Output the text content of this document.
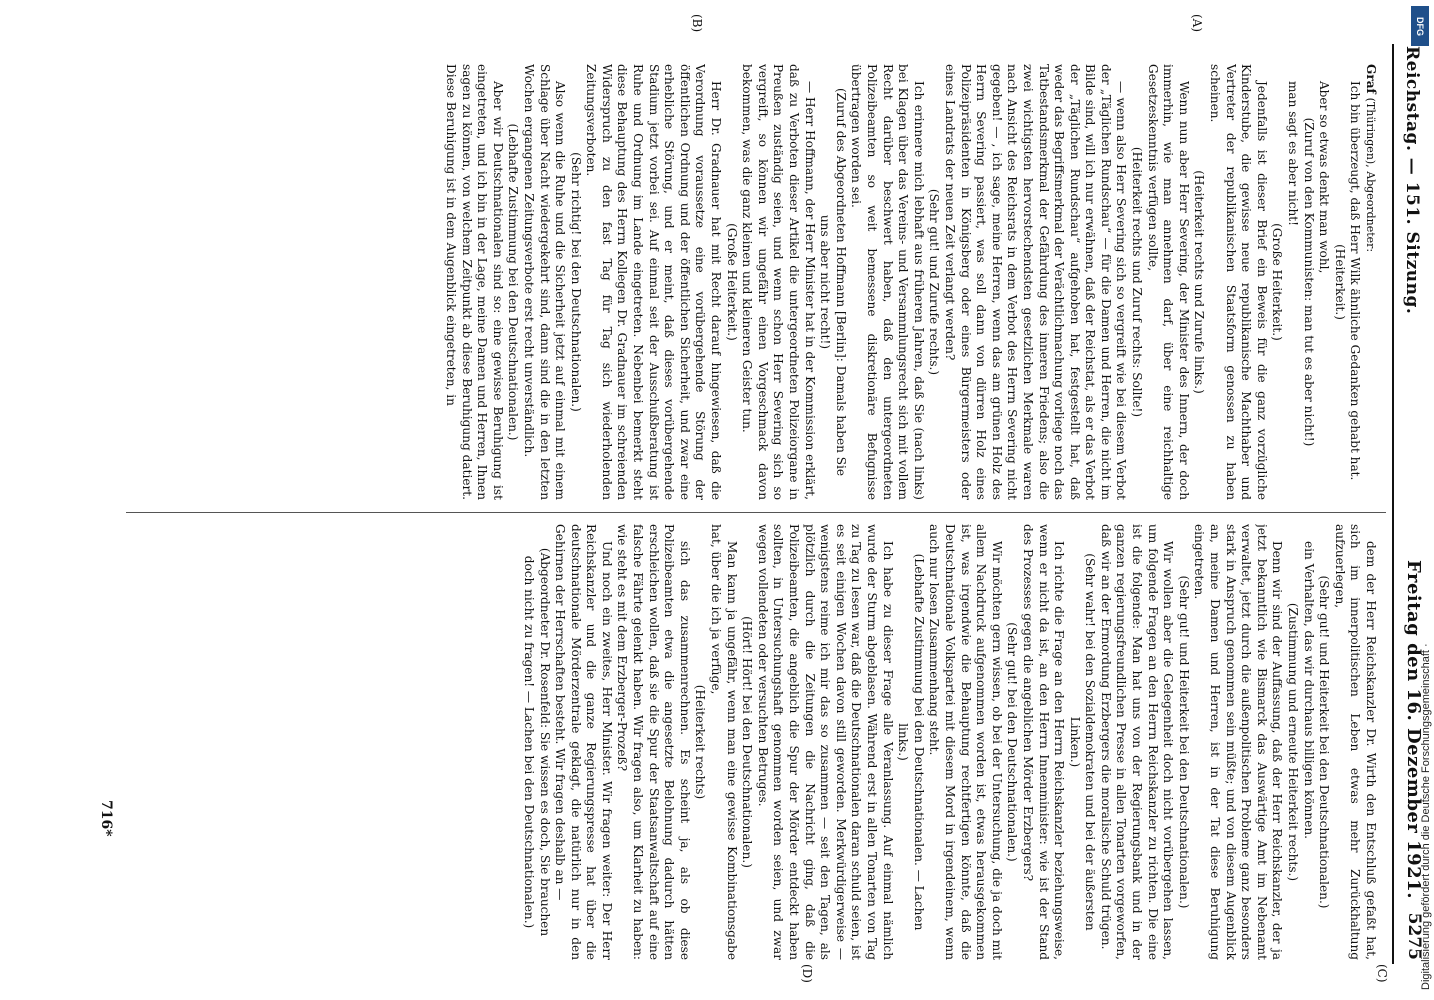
Reichstag. — 151. Sitzung.
Freitag den 16. Dezember 1921.
5275

Graf (Thüringen), Abgeordneter:

Ich bin überzeugt, daß Herr Wilk ähnliche Gedanken gehabt hat.

(Heiterkeit.)

Aber so etwas denkt man wohl,

(Zuruf von den Kommunisten: man tut es aber nicht!)

man sagt es aber nicht!

(Große Heiterkeit.)

Jedenfalls ist dieser Brief ein Beweis für die ganz vorzügliche Kinderstube, die gewisse neue republikanische Machthaber und Vertreter der republikanischen Staatsform genossen zu haben scheinen.

(Heiterkeit rechts und Zurufe links.)

Wenn nun aber Herr Severing, der Minister des Innern, der doch immerhin, wie man annehmen darf, über eine reichhaltige Gesetzeskenntnis verfügen sollte,

(Heiterkeit rechts und Zuruf rechts: Sollte!)

— wenn also Herr Severing sich so vergreift wie bei diesem Verbot der „Täglichen Rundschau“ — für die Damen und Herren, die nicht im Bilde sind, will ich nur erwähnen, daß der Reichstat, als er das Verbot der „Täglichen Rundschau“ aufgehoben hat, festgestellt hat, daß weder das Begriffsmerkmal der Verächtlichmachung vorliege noch das Tatbestandsmerkmal der Gefährdung des inneren Friedens; also die zwei wichtigsten hervorstechendsten gesetzlichen Merkmale waren nach Ansicht des Reichsrats in dem Verbot des Herrn Severing nicht gegeben! — , ich sage, meine Herren, wenn das am grünen Holz des Herrn Severing passiert, was soll dann von dürren Holz eines Polizeipräsidenten in Königsberg oder eines Bürgermeisters oder eines Landrats der neuen Zeit verlangt werden?

(Sehr gut! und Zurufe rechts.)

Ich erinnere mich lebhaft aus früheren Jahren, daß Sie (nach links) bei Klagen über das Vereins- und Versammlungsrecht sich mit vollem Recht darüber beschwert haben, daß den untergeordneten Polizeibeamten so weit bemessene diskretionäre Befugnisse übertragen worden sei.

(Zuruf des Abgeordneten Hoffmann [Berlin]: Damals haben Sie uns aber nicht recht!)

— Herr Hoffmann, der Herr Minister hat in der Kommission erklärt, daß zu Verboten dieser Artikel die untergeordneten Polizeiorgane in Preußen zuständig seien, und wenn schon Herr Severing sich so vergreift, so können wir ungefähr einen Vorgeschmack davon bekommen, was die ganz kleinen und kleineren Geister tun.

(Große Heiterkeit.)

Herr Dr. Gradnauer hat mit Recht darauf hingewiesen, daß die Verordnung voraussetze eine vorübergehende Störung der öffentlichen Ordnung und der öffentlichen Sicherheit, und zwar eine erhebliche Störung, und er meint, daß dieses vorübergehende Stadium jetzt vorbei sei. Auf einmal seit der Ausschußberatung ist Ruhe und Ordnung im Lande eingetreten. Nebenbei bemerkt steht diese Behauptung des Herrn Kollegen Dr. Gradnauer im schreienden Widerspruch zu den fast Tag für Tag sich wiederholenden Zeitungsverboten.

(Sehr richtig! bei den Deutschnationalen.)

Also wenn die Ruhe und die Sicherheit jetzt auf einmal mit einem Schlage über Nacht wiedergekehrt sind, dann sind die in den letzten Wochen ergangenen Zeitungsverbote erst recht unverständlich.

(Lebhafte Zustimmung bei den Deutschnationalen.)

Aber wir Deutschnationalen sind so: eine gewisse Beruhigung ist eingetreten, und ich bin in der Lage, meine Damen und Herren, Ihnen sagen zu können, von welchem Zeitpunkt ab diese Beruhigung datiert. Diese Beruhigung ist in dem Augenblick eingetreten, in

dem der Herr Reichskanzler Dr. Wirth den Entschluß gefaßt hat, sich im innerpolitischen Leben etwas mehr Zurückhaltung aufzuerlegen,

(Sehr gut! und Heiterkeit bei den Deutschnationalen.)

ein Verhalten, das wir durchaus billigen können.

(Zustimmung und erneute Heiterkeit rechts.)

Denn wir sind der Auffassung, daß der Herr Reichskanzler, der ja jetzt bekanntlich wie Bismarck das Auswärtige Amt im Nebenamt verwaltet, jetzt durch die außenpolitischen Probleme ganz besonders stark in Anspruch genommen sein müßte; und von diesem Augenblick an, meine Damen und Herren, ist in der Tat diese Beruhigung eingetreten.

(Sehr gut! und Heiterkeit bei den Deutschnationalen.)

Wir wollen aber die Gelegenheit doch nicht vorübergehen lassen, um folgende Fragen an den Herrn Reichskanzler zu richten. Die eine ist die folgende: Man hat uns von der Regierungsbank und in der ganzen regierungsfreundlichen Presse in allen Tonarten vorgeworfen, daß wir an der Ermordung Erzbergers die moralische Schuld trügen.

(Sehr wahr! bei den Sozialdemokraten und bei der äußersten Linken.)

Ich richte die Frage an den Herrn Reichskanzler beziehungsweise, wenn er nicht da ist, an den Herrn Innenminister: wie ist der Stand des Prozesses gegen die angeblichen Mörder Erzbergers?

(Sehr gut! bei den Deutschnationalen.)

Wir möchten gern wissen, ob bei der Untersuchung, die ja doch mit allem Nachdruck aufgenommen worden ist, etwas herausgekommen ist, was irgendwie die Behauptung rechtfertigen könnte, daß die Deutschnationale Volkspartei mit diesem Mord in irgendeinem, wenn auch nur losen Zusammenhang steht.

(Lebhafte Zustimmung bei den Deutschnationalen. — Lachen links.)

Ich habe zu dieser Frage alle Veranlassung. Auf einmal nämlich wurde der Sturm abgeblasen. Während erst in allen Tonarten von Tag zu Tag zu lesen war, daß die Deutschnationalen daran schuld seien, ist es seit einigen Wochen davon still geworden. Merkwürdigerweise — wenigstens reime ich mir das so zusammen — seit den Tagen, als plötzlich durch die Zeitungen die Nachricht ging, daß die Polizeibeamten, die angeblich die Spur der Mörder entdeckt haben sollten, in Untersuchungshaft genommen worden seien, und zwar wegen vollendeten oder versuchten Betruges.

(Hört! Hört! bei den Deutschnationalen.)

Man kann ja ungefähr, wenn man eine gewisse Kombinationsgabe hat, über die ich ja verfüge,

(Heiterkeit rechts)

sich das zusammenrechnen. Es scheint ja, als ob diese Polizeibeamten etwa die angesetzte Belohnung dadurch hätten erschleichen wollen, daß sie die Spur der Staatsanwaltschaft auf eine falsche Fährte gelenkt haben. Wir fragen also, um Klarheit zu haben: wie steht es mit dem Erzberger-Prozeß?

Und noch ein zweites, Herr Minister. Wir fragen weiter: Der Herr Reichskanzler und die ganze Regierungspresse hat über die deutschnationale Mörderzentrale geklagt, die natürlich nur in den Gehirnen der Herrschaften besteht. Wir fragen deshalb an —

(Abgeordneter Dr. Rosenfeld: Sie wissen es doch, Sie brauchen doch nicht zu fragen! — Lachen bei den Deutschnationalen.)

(A)
(B)
(C)
(D)
716*
DFG
Digitalisierung gefördert durch die Deutsche Forschungsgemeinschaft ·
